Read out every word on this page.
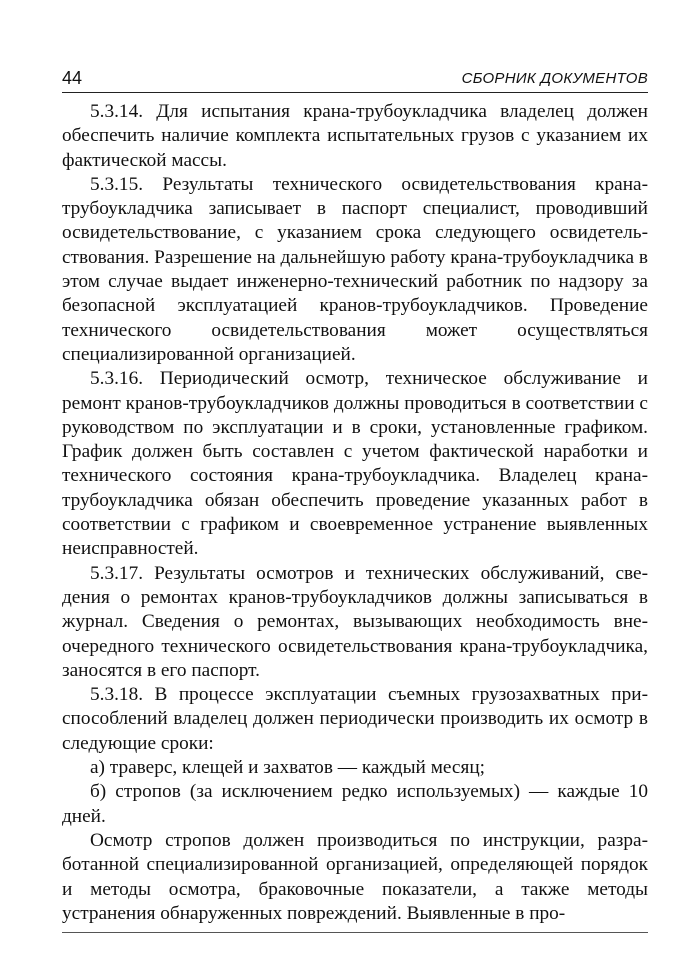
44	СБОРНИК ДОКУМЕНТОВ

5.3.14. Для испытания крана-трубоукладчика владелец должен обеспечить наличие комплекта испытательных грузов с указанием их фактической массы.

5.3.15. Результаты технического освидетельствования крана-трубоукладчика записывает в паспорт специалист, проводивший освидетельствование, с указанием срока следующего освидетельствования. Разрешение на дальнейшую работу крана-трубоукладчика в этом случае выдает инженерно-технический работник по надзору за безопасной эксплуатацией кранов-трубоукладчиков. Проведение технического освидетельствования может осуществляться специализированной организацией.

5.3.16. Периодический осмотр, техническое обслуживание и ремонт кранов-трубоукладчиков должны проводиться в соответствии с руководством по эксплуатации и в сроки, установленные графиком. График должен быть составлен с учетом фактической наработки и технического состояния крана-трубоукладчика. Владелец крана-трубоукладчика обязан обеспечить проведение указанных работ в соответствии с графиком и своевременное устранение выявленных неисправностей.

5.3.17. Результаты осмотров и технических обслуживаний, сведения о ремонтах кранов-трубоукладчиков должны записываться в журнал. Сведения о ремонтах, вызывающих необходимость внеочередного технического освидетельствования крана-трубоукладчика, заносятся в его паспорт.

5.3.18. В процессе эксплуатации съемных грузозахватных приспособлений владелец должен периодически производить их осмотр в следующие сроки:

а) траверс, клещей и захватов — каждый месяц;

б) стропов (за исключением редко используемых) — каждые 10 дней.

Осмотр стропов должен производиться по инструкции, разработанной специализированной организацией, определяющей порядок и методы осмотра, браковочные показатели, а также методы устранения обнаруженных повреждений. Выявленные в про-
